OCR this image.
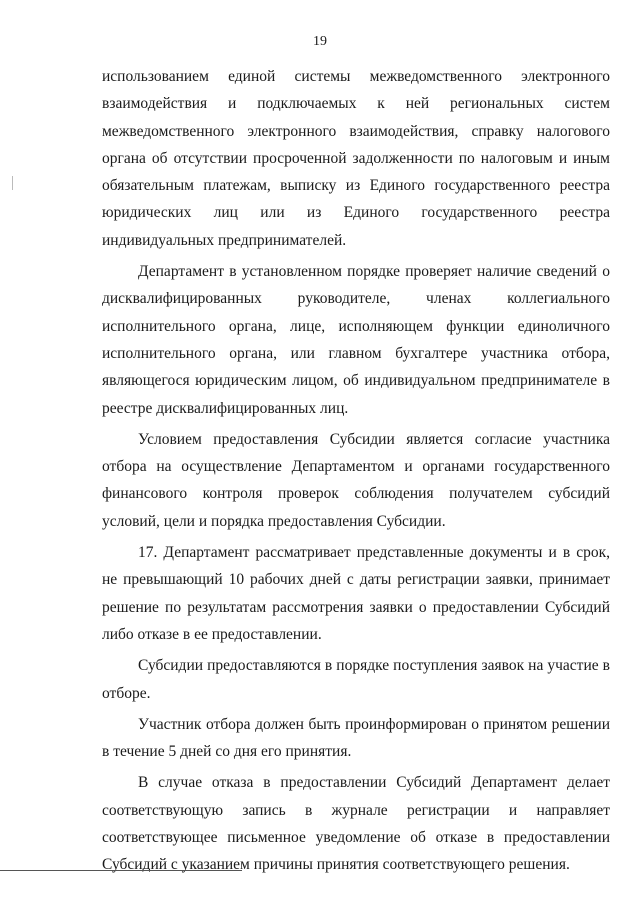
19

использованием единой системы межведомственного электронного взаимодействия и подключаемых к ней региональных систем межведомственного электронного взаимодействия, справку налогового органа об отсутствии просроченной задолженности по налоговым и иным обязательным платежам, выписку из Единого государственного реестра юридических лиц или из Единого государственного реестра индивидуальных предпринимателей.

Департамент в установленном порядке проверяет наличие сведений о дисквалифицированных руководителе, членах коллегиального исполнительного органа, лице, исполняющем функции единоличного исполнительного органа, или главном бухгалтере участника отбора, являющегося юридическим лицом, об индивидуальном предпринимателе в реестре дисквалифицированных лиц.

Условием предоставления Субсидии является согласие участника отбора на осуществление Департаментом и органами государственного финансового контроля проверок соблюдения получателем субсидий условий, цели и порядка предоставления Субсидии.

17. Департамент рассматривает представленные документы и в срок, не превышающий 10 рабочих дней с даты регистрации заявки, принимает решение по результатам рассмотрения заявки о предоставлении Субсидий либо отказе в ее предоставлении.

Субсидии предоставляются в порядке поступления заявок на участие в отборе.

Участник отбора должен быть проинформирован о принятом решении в течение 5 дней со дня его принятия.

В случае отказа в предоставлении Субсидий Департамент делает соответствующую запись в журнале регистрации и направляет соответствующее письменное уведомление об отказе в предоставлении Субсидий с указанием причины принятия соответствующего решения.
